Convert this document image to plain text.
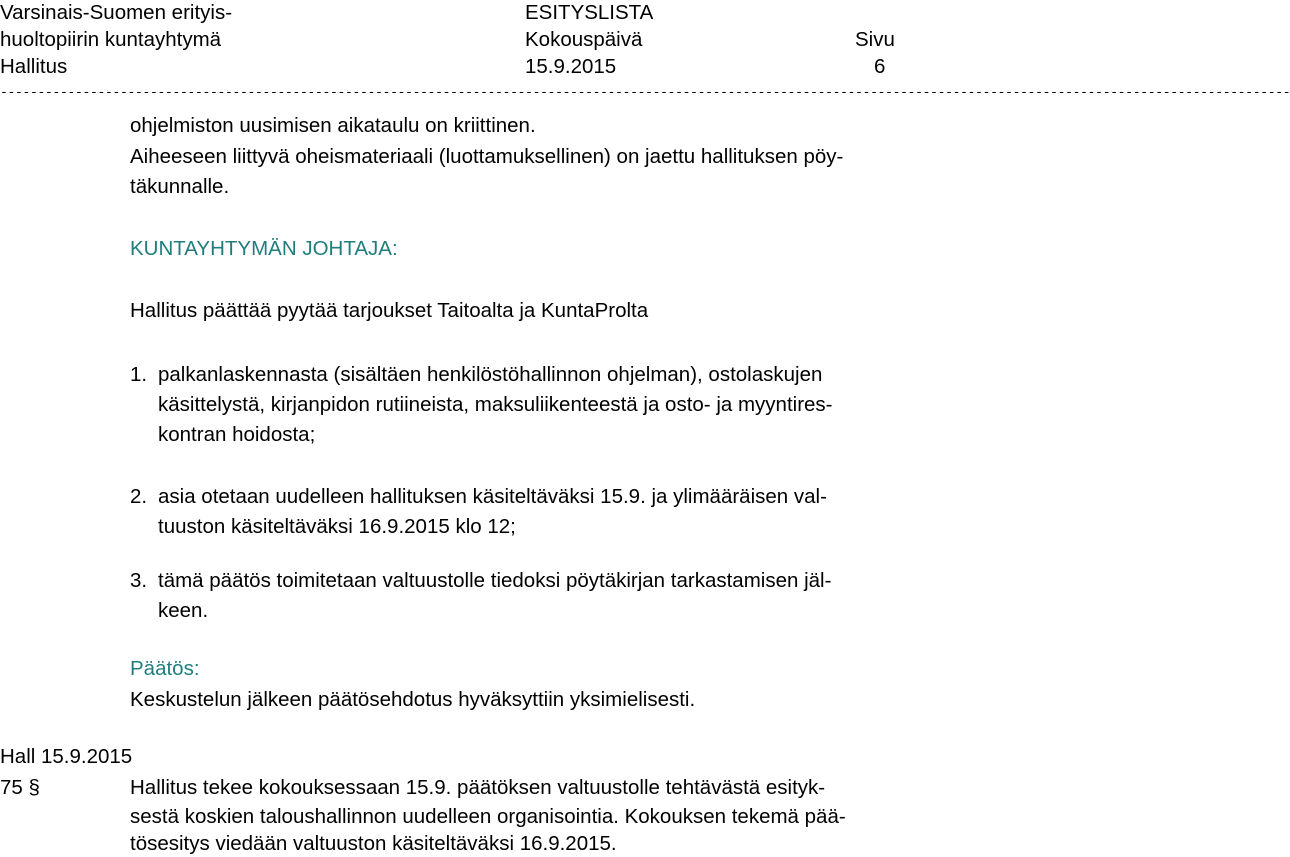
Varsinais-Suomen erityis-
huoltopiirin kuntayhtymä
Hallitus
ESITYSLISTA
Kokouspäivä
15.9.2015
Sivu
6
----------------------------------------------------------------------------------------------------------------------------------------------------------------------------
ohjelmiston uusimisen aikataulu on kriittinen.
Aiheeseen liittyvä oheismateriaali (luottamuksellinen) on jaettu hallituksen pöy-
täkunnalle.
KUNTAYHTYMÄN JOHTAJA:
Hallitus päättää pyytää tarjoukset Taitoalta ja KuntaProlta
1. palkanlaskennasta (sisältäen henkilöstöhallinnon ohjelman), ostolaskujen
käsittelystä, kirjanpidon rutiineista, maksuliikenteestä ja osto- ja myyntires-
kontran hoidosta;
2. asia otetaan uudelleen hallituksen käsiteltäväksi 15.9. ja ylimääräisen val-
tuuston käsiteltäväksi 16.9.2015 klo 12;
3. tämä päätös toimitetaan valtuustolle tiedoksi pöytäkirjan tarkastamisen jäl-
keen.
Päätös:
Keskustelun jälkeen päätösehdotus hyväksyttiin yksimielisesti.
Hall 15.9.2015
75 §	Hallitus tekee kokouksessaan 15.9. päätöksen valtuustolle tehtävästä esityk-
sestä koskien taloushallinnon uudelleen organisointia. Kokouksen tekemä pää-
tösesitys viedään valtuuston käsiteltäväksi 16.9.2015.
